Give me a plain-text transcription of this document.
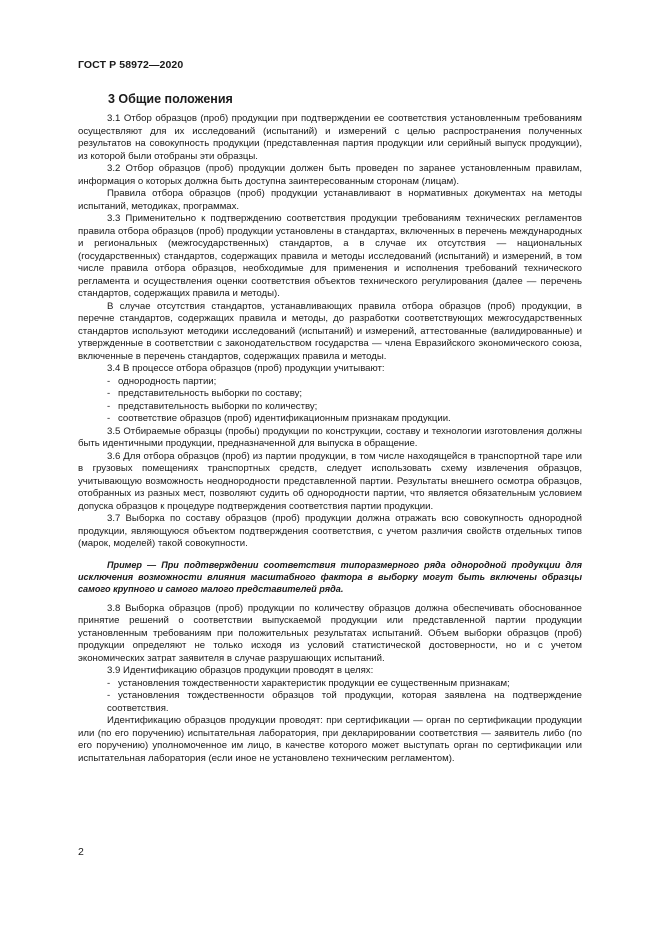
ГОСТ Р 58972—2020
3 Общие положения

3.1 Отбор образцов (проб) продукции при подтверждении ее соответствия установленным требованиям осуществляют для их исследований (испытаний) и измерений с целью распространения полученных результатов на совокупность продукции (представленная партия продукции или серийный выпуск продукции), из которой были отобраны эти образцы.

3.2 Отбор образцов (проб) продукции должен быть проведен по заранее установленным правилам, информация о которых должна быть доступна заинтересованным сторонам (лицам).

Правила отбора образцов (проб) продукции устанавливают в нормативных документах на методы испытаний, методиках, программах.

3.3 Применительно к подтверждению соответствия продукции требованиям технических регламентов правила отбора образцов (проб) продукции установлены в стандартах, включенных в перечень международных и региональных (межгосударственных) стандартов, а в случае их отсутствия — национальных (государственных) стандартов, содержащих правила и методы исследований (испытаний) и измерений, в том числе правила отбора образцов, необходимые для применения и исполнения требований технического регламента и осуществления оценки соответствия объектов технического регулирования (далее — перечень стандартов, содержащих правила и методы).

В случае отсутствия стандартов, устанавливающих правила отбора образцов (проб) продукции, в перечне стандартов, содержащих правила и методы, до разработки соответствующих межгосударственных стандартов используют методики исследований (испытаний) и измерений, аттестованные (валидированные) и утвержденные в соответствии с законодательством государства — члена Евразийского экономического союза, включенные в перечень стандартов, содержащих правила и методы.

3.4 В процессе отбора образцов (проб) продукции учитывают:

- однородность партии;

- представительность выборки по составу;

- представительность выборки по количеству;

- соответствие образцов (проб) идентификационным признакам продукции.

3.5 Отбираемые образцы (пробы) продукции по конструкции, составу и технологии изготовления должны быть идентичными продукции, предназначенной для выпуска в обращение.

3.6 Для отбора образцов (проб) из партии продукции, в том числе находящейся в транспортной таре или в грузовых помещениях транспортных средств, следует использовать схему извлечения образцов, учитывающую возможность неоднородности представленной партии. Результаты внешнего осмотра образцов, отобранных из разных мест, позволяют судить об однородности партии, что является обязательным условием допуска образцов к процедуре подтверждения соответствия партии продукции.

3.7 Выборка по составу образцов (проб) продукции должна отражать всю совокупность однородной продукции, являющуюся объектом подтверждения соответствия, с учетом различия свойств отдельных типов (марок, моделей) такой совокупности.

Пример — При подтверждении соответствия типоразмерного ряда однородной продукции для исключения возможности влияния масштабного фактора в выборку могут быть включены образцы самого крупного и самого малого представителей ряда.

3.8 Выборка образцов (проб) продукции по количеству образцов должна обеспечивать обоснованное принятие решений о соответствии выпускаемой продукции или представленной партии продукции установленным требованиям при положительных результатах испытаний. Объем выборки образцов (проб) продукции определяют не только исходя из условий статистической достоверности, но и с учетом экономических затрат заявителя в случае разрушающих испытаний.

3.9 Идентификацию образцов продукции проводят в целях:

- установления тождественности характеристик продукции ее существенным признакам;

- установления тождественности образцов той продукции, которая заявлена на подтверждение соответствия.

Идентификацию образцов продукции проводят: при сертификации — орган по сертификации продукции или (по его поручению) испытательная лаборатория, при декларировании соответствия — заявитель либо (по его поручению) уполномоченное им лицо, в качестве которого может выступать орган по сертификации или испытательная лаборатория (если иное не установлено техническим регламентом).

2
